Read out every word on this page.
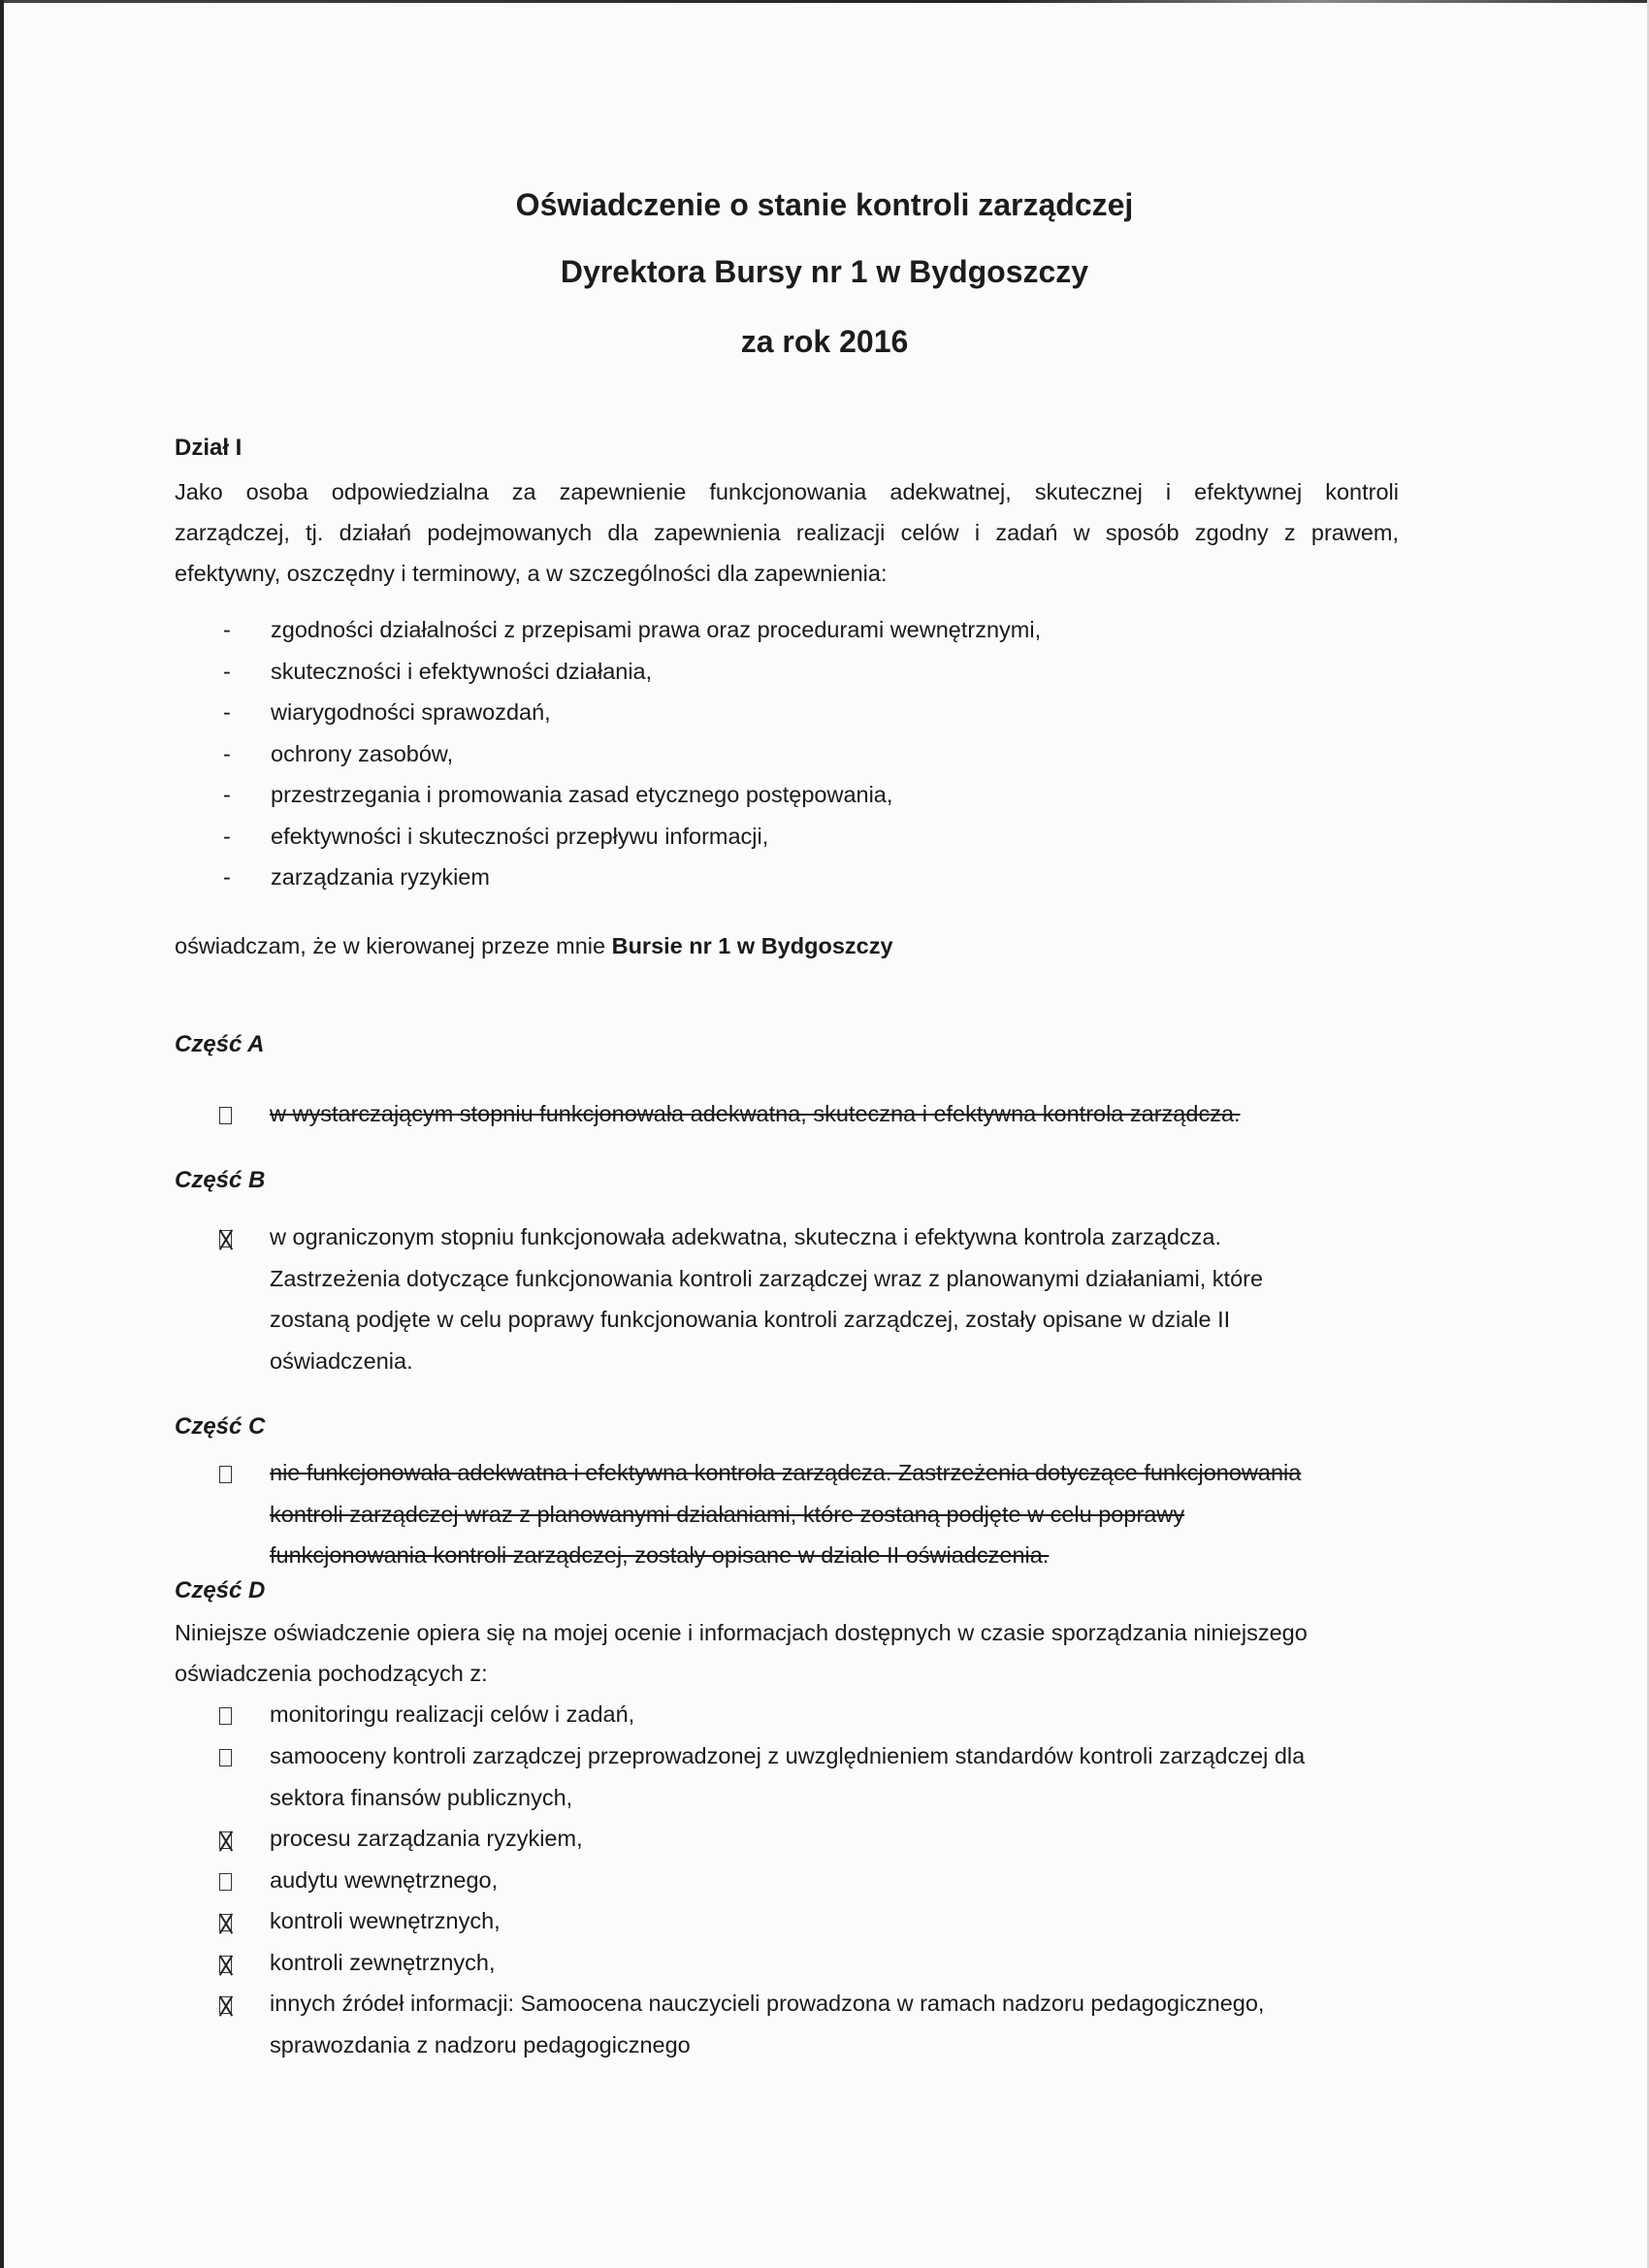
Oświadczenie o stanie kontroli zarządczej
Dyrektora Bursy nr 1 w Bydgoszczy
za rok 2016
Dział I
Jako osoba odpowiedzialna za zapewnienie funkcjonowania adekwatnej, skutecznej i efektywnej kontroli
zarządczej, tj. działań podejmowanych dla zapewnienia realizacji celów i zadań w sposób zgodny z prawem,
efektywny, oszczędny i terminowy, a w szczególności dla zapewnienia:
-	zgodności działalności z przepisami prawa oraz procedurami wewnętrznymi,
-	skuteczności i efektywności działania,
-	wiarygodności sprawozdań,
-	ochrony zasobów,
-	przestrzegania i promowania zasad etycznego postępowania,
-	efektywności i skuteczności przepływu informacji,
-	zarządzania ryzykiem
oświadczam, że w kierowanej przeze mnie Bursie nr 1 w Bydgoszczy
Część A
w wystarczającym stopniu funkcjonowała adekwatna, skuteczna i efektywna kontrola zarządcza.
Część B
w ograniczonym stopniu funkcjonowała adekwatna, skuteczna i efektywna kontrola zarządcza.
Zastrzeżenia dotyczące funkcjonowania kontroli zarządczej wraz z planowanymi działaniami, które
zostaną podjęte w celu poprawy funkcjonowania kontroli zarządczej, zostały opisane w dziale II
oświadczenia.
Część C
nie funkcjonowała adekwatna i efektywna kontrola zarządcza. Zastrzeżenia dotyczące funkcjonowania
kontroli zarządczej wraz z planowanymi działaniami, które zostaną podjęte w celu poprawy
funkcjonowania kontroli zarządczej, zostały opisane w dziale II oświadczenia.
Część D
Niniejsze oświadczenie opiera się na mojej ocenie i informacjach dostępnych w czasie sporządzania niniejszego
oświadczenia pochodzących z:
monitoringu realizacji celów i zadań,
samooceny kontroli zarządczej przeprowadzonej z uwzględnieniem standardów kontroli zarządczej dla
sektora finansów publicznych,
procesu zarządzania ryzykiem,
audytu wewnętrznego,
kontroli wewnętrznych,
kontroli zewnętrznych,
innych źródeł informacji: Samoocena nauczycieli prowadzona w ramach nadzoru pedagogicznego,
sprawozdania z nadzoru pedagogicznego
